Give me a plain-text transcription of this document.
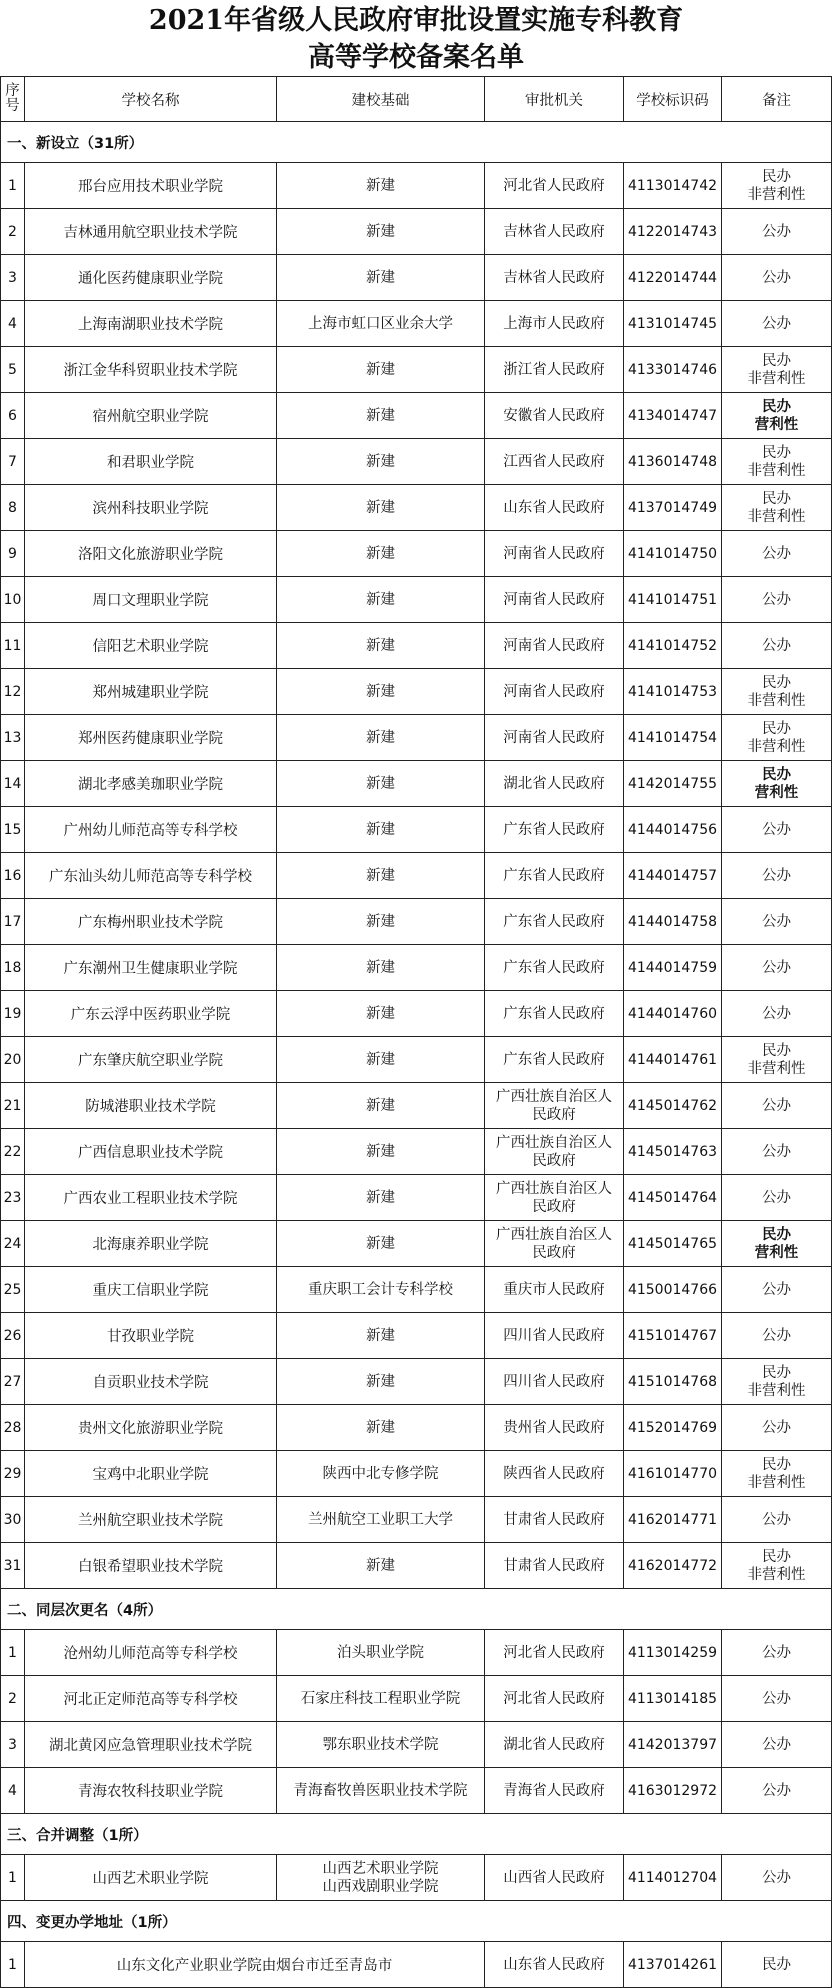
2021年省级人民政府审批设置实施专科教育
高等学校备案名单
序号	学校名称	建校基础	审批机关	学校标识码	备注
一、新设立（31所）					
1	邢台应用技术职业学院	新建	河北省人民政府	4113014742	民办
非营利性

2	吉林通用航空职业技术学院	新建	吉林省人民政府	4122014743	公办

3	通化医药健康职业学院	新建	吉林省人民政府	4122014744	公办

4	上海南湖职业技术学院	上海市虹口区业余大学	上海市人民政府	4131014745	公办

5	浙江金华科贸职业技术学院	新建	浙江省人民政府	4133014746	民办
非营利性

6	宿州航空职业学院	新建	安徽省人民政府	4134014747	民办
营利性

7	和君职业学院	新建	江西省人民政府	4136014748	民办
非营利性

8	滨州科技职业学院	新建	山东省人民政府	4137014749	民办
非营利性

9	洛阳文化旅游职业学院	新建	河南省人民政府	4141014750	公办

10	周口文理职业学院	新建	河南省人民政府	4141014751	公办

11	信阳艺术职业学院	新建	河南省人民政府	4141014752	公办

12	郑州城建职业学院	新建	河南省人民政府	4141014753	民办
非营利性

13	郑州医药健康职业学院	新建	河南省人民政府	4141014754	民办
非营利性

14	湖北孝感美珈职业学院	新建	湖北省人民政府	4142014755	民办
营利性

15	广州幼儿师范高等专科学校	新建	广东省人民政府	4144014756	公办

16	广东汕头幼儿师范高等专科学校	新建	广东省人民政府	4144014757	公办

17	广东梅州职业技术学院	新建	广东省人民政府	4144014758	公办

18	广东潮州卫生健康职业学院	新建	广东省人民政府	4144014759	公办

19	广东云浮中医药职业学院	新建	广东省人民政府	4144014760	公办

20	广东肇庆航空职业学院	新建	广东省人民政府	4144014761	民办
非营利性

21	防城港职业技术学院	新建	广西壮族自治区人
民政府	4145014762	公办

22	广西信息职业技术学院	新建	广西壮族自治区人
民政府	4145014763	公办

23	广西农业工程职业技术学院	新建	广西壮族自治区人
民政府	4145014764	公办

24	北海康养职业学院	新建	广西壮族自治区人
民政府	4145014765	民办
营利性

25	重庆工信职业学院	重庆职工会计专科学校	重庆市人民政府	4150014766	公办

26	甘孜职业学院	新建	四川省人民政府	4151014767	公办

27	自贡职业技术学院	新建	四川省人民政府	4151014768	民办
非营利性

28	贵州文化旅游职业学院	新建	贵州省人民政府	4152014769	公办

29	宝鸡中北职业学院	陕西中北专修学院	陕西省人民政府	4161014770	民办
非营利性

30	兰州航空职业技术学院	兰州航空工业职工大学	甘肃省人民政府	4162014771	公办

31	白银希望职业技术学院	新建	甘肃省人民政府	4162014772	民办
非营利性

二、同层次更名（4所）					
1	沧州幼儿师范高等专科学校	泊头职业学院	河北省人民政府	4113014259	公办

2	河北正定师范高等专科学校	石家庄科技工程职业学院	河北省人民政府	4113014185	公办

3	湖北黄冈应急管理职业技术学院	鄂东职业技术学院	湖北省人民政府	4142013797	公办

4	青海农牧科技职业学院	青海畜牧兽医职业技术学院	青海省人民政府	4163012972	公办

三、合并调整（1所）					
1	山西艺术职业学院	山西艺术职业学院
山西戏剧职业学院	山西省人民政府	4114012704	公办

四、变更办学地址（1所）					
1	山东文化产业职业学院由烟台市迁至青岛市		山东省人民政府	4137014261	民办
